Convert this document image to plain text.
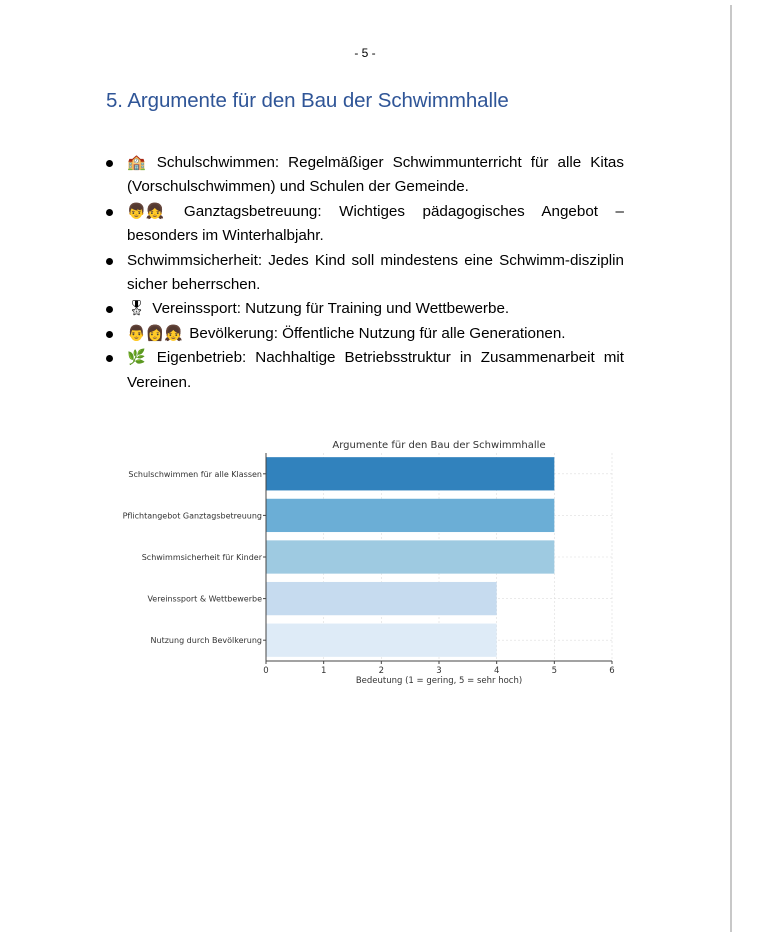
- 5 -
5. Argumente für den Bau der Schwimmhalle
🏫 Schulschwimmen: Regelmäßiger Schwimmunterricht für alle Kitas (Vorschulschwimmen) und Schulen der Gemeinde.
👦👧 Ganztagsbetreuung: Wichtiges pädagogisches Angebot – besonders im Winterhalbjahr.
Schwimmsicherheit: Jedes Kind soll mindestens eine Schwimm-disziplin sicher beherrschen.
🎖 Vereinssport: Nutzung für Training und Wettbewerbe.
👨👩👧 Bevölkerung: Öffentliche Nutzung für alle Generationen.
🌿 Eigenbetrieb: Nachhaltige Betriebsstruktur in Zusammenarbeit mit Vereinen.
Argumente für den Bau der Schwimmhalle
Schulschwimmen für alle Klassen
Pflichtangebot Ganztagsbetreuung
Schwimmsicherheit für Kinder
Vereinssport & Wettbewerbe
Nutzung durch Bevölkerung
0	1	2	3	4	5	6
Bedeutung (1 = gering, 5 = sehr hoch)
